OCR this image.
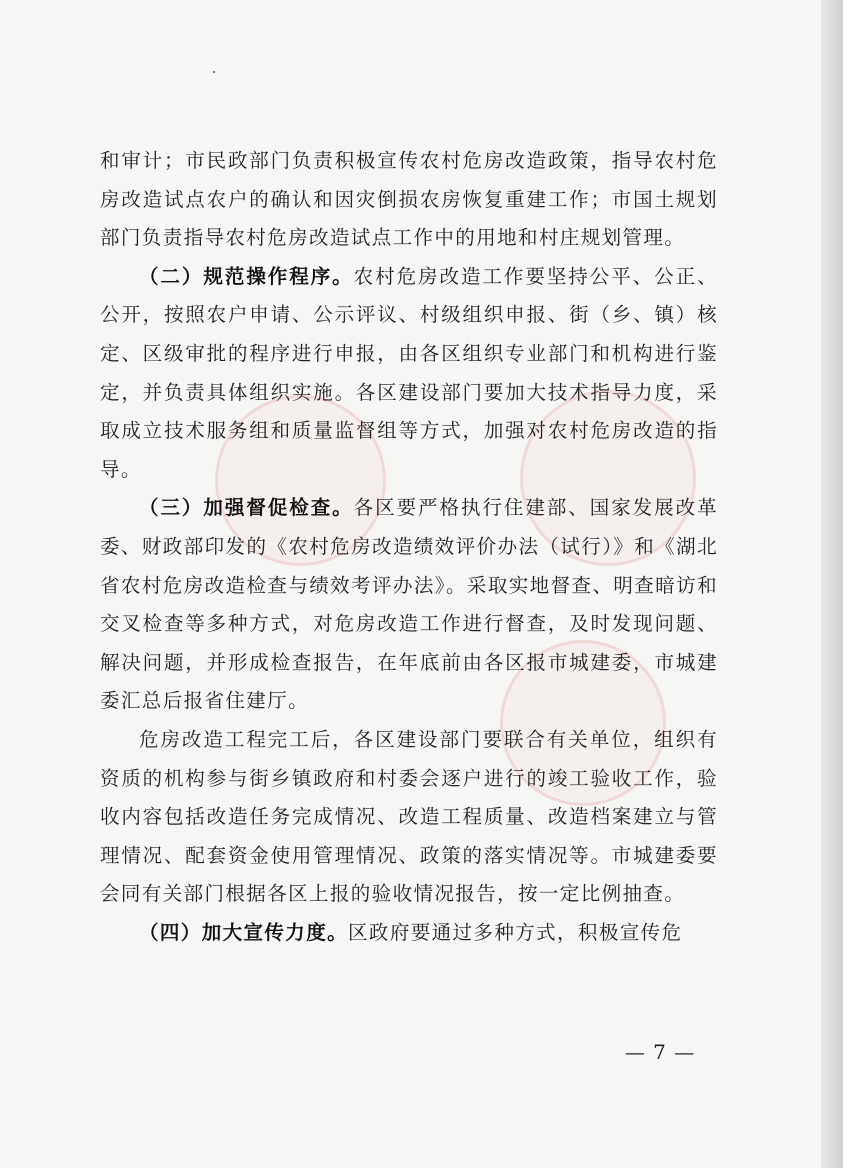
和审计；市民政部门负责积极宣传农村危房改造政策，指导农村危房改造试点农户的确认和因灾倒损农房恢复重建工作；市国土规划部门负责指导农村危房改造试点工作中的用地和村庄规划管理。

（二）规范操作程序。农村危房改造工作要坚持公平、公正、公开，按照农户申请、公示评议、村级组织申报、街（乡、镇）核定、区级审批的程序进行申报，由各区组织专业部门和机构进行鉴定，并负责具体组织实施。各区建设部门要加大技术指导力度，采取成立技术服务组和质量监督组等方式，加强对农村危房改造的指导。

（三）加强督促检查。各区要严格执行住建部、国家发展改革委、财政部印发的《农村危房改造绩效评价办法（试行）》和《湖北省农村危房改造检查与绩效考评办法》。采取实地督查、明查暗访和交叉检查等多种方式，对危房改造工作进行督查，及时发现问题、解决问题，并形成检查报告，在年底前由各区报市城建委，市城建委汇总后报省住建厅。

危房改造工程完工后，各区建设部门要联合有关单位，组织有资质的机构参与街乡镇政府和村委会逐户进行的竣工验收工作，验收内容包括改造任务完成情况、改造工程质量、改造档案建立与管理情况、配套资金使用管理情况、政策的落实情况等。市城建委要会同有关部门根据各区上报的验收情况报告，按一定比例抽查。

（四）加大宣传力度。区政府要通过多种方式，积极宣传危

— 7 —
